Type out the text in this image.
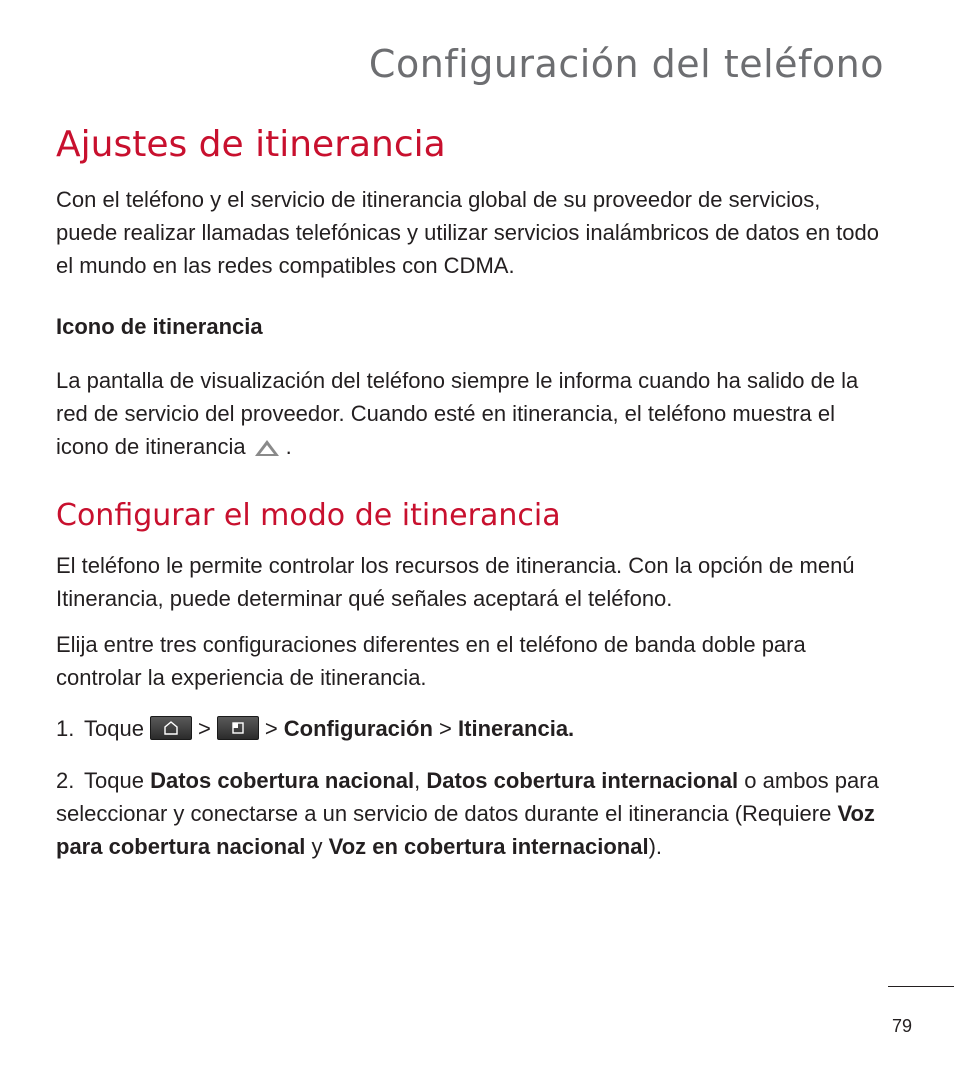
Configuración del teléfono
Ajustes de itinerancia

Con el teléfono y el servicio de itinerancia global de su proveedor de servicios, puede realizar llamadas telefónicas y utilizar servicios inalámbricos de datos en todo el mundo en las redes compatibles con CDMA.

Icono de itinerancia

La pantalla de visualización del teléfono siempre le informa cuando ha salido de la red de servicio del proveedor. Cuando esté en itinerancia, el teléfono muestra el icono de itinerancia .

Configurar el modo de itinerancia

El teléfono le permite controlar los recursos de itinerancia. Con la opción de menú Itinerancia, puede determinar qué señales aceptará el teléfono.

Elija entre tres configuraciones diferentes en el teléfono de banda doble para controlar la experiencia de itinerancia.

1. Toque > > Configuración > Itinerancia.

2. Toque Datos cobertura nacional, Datos cobertura internacional o ambos para seleccionar y conectarse a un servicio de datos durante el itinerancia (Requiere Voz para cobertura nacional y Voz en cobertura internacional).

79
